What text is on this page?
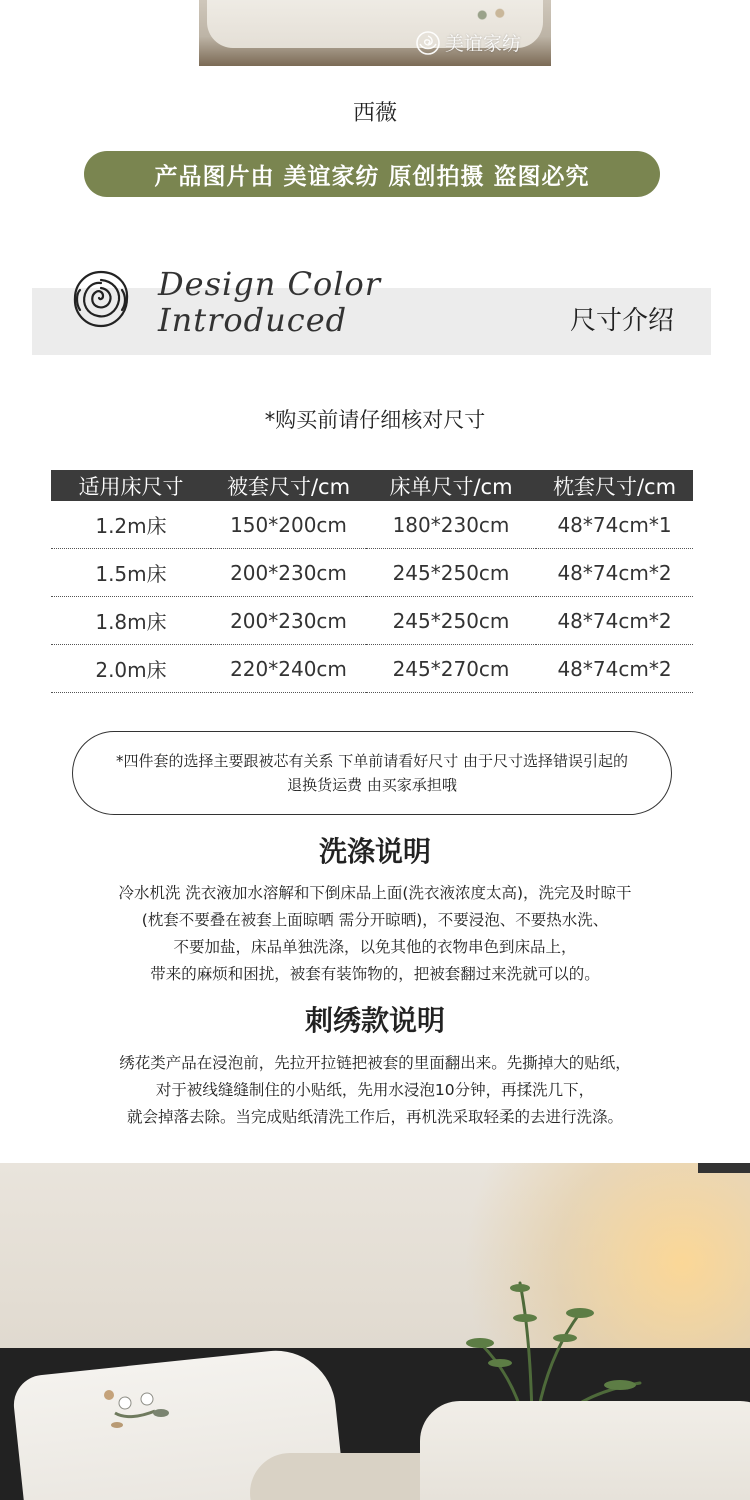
美谊家纺
西薇
产品图片由 美谊家纺 原创拍摄 盗图必究
Design Color
Introduced	尺寸介绍
*购买前请仔细核对尺寸
适用床尺寸	被套尺寸/cm	床单尺寸/cm	枕套尺寸/cm
1.2m床	150*200cm	180*230cm	48*74cm*1
1.5m床	200*230cm	245*250cm	48*74cm*2
1.8m床	200*230cm	245*250cm	48*74cm*2
2.0m床	220*240cm	245*270cm	48*74cm*2
*四件套的选择主要跟被芯有关系 下单前请看好尺寸 由于尺寸选择错误引起的
退换货运费 由买家承担哦
洗涤说明
冷水机洗 洗衣液加水溶解和下倒床品上面(洗衣液浓度太高)，洗完及时晾干
(枕套不要叠在被套上面晾晒 需分开晾晒)，不要浸泡、不要热水洗、
不要加盐，床品单独洗涤，以免其他的衣物串色到床品上，
带来的麻烦和困扰，被套有装饰物的，把被套翻过来洗就可以的。
刺绣款说明
绣花类产品在浸泡前，先拉开拉链把被套的里面翻出来。先撕掉大的贴纸，
对于被线缝缝制住的小贴纸，先用水浸泡10分钟，再揉洗几下，
就会掉落去除。当完成贴纸清洗工作后，再机洗采取轻柔的去进行洗涤。
